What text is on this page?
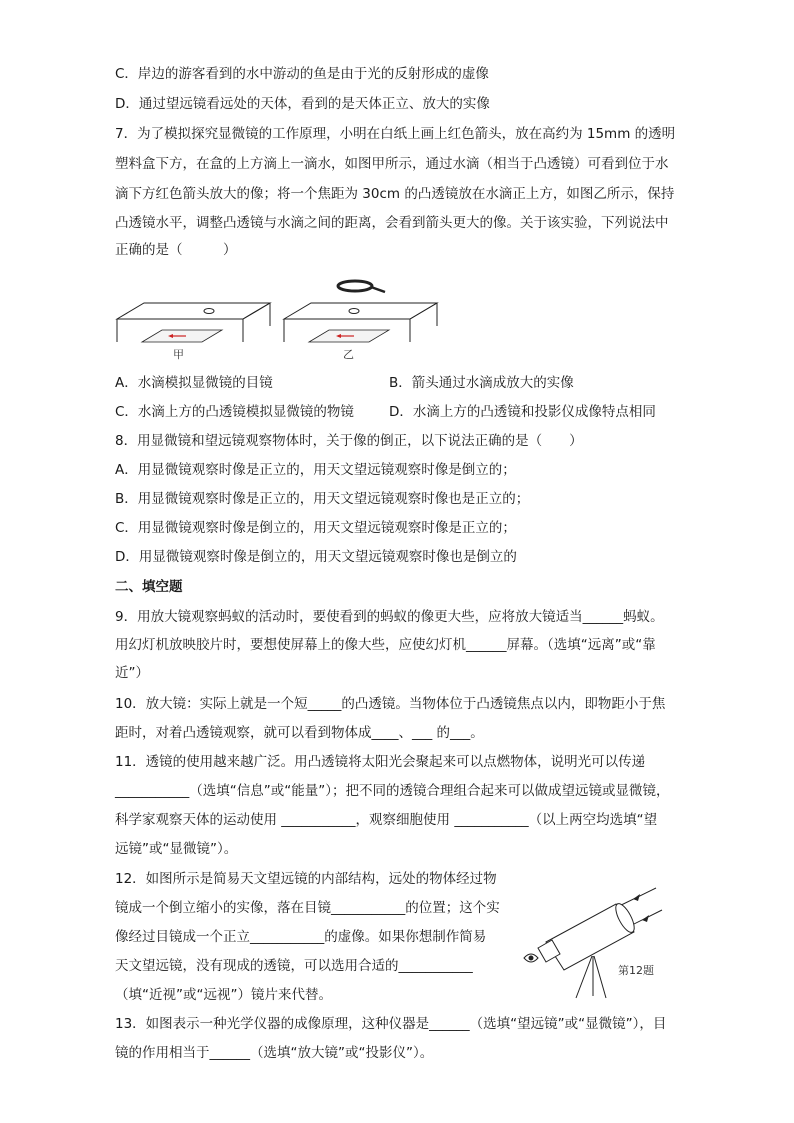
C．岸边的游客看到的水中游动的鱼是由于光的反射形成的虚像
D．通过望远镜看远处的天体，看到的是天体正立、放大的实像
7．为了模拟探究显微镜的工作原理，小明在白纸上画上红色箭头，放在高约为 15mm 的透明
塑料盒下方，在盒的上方滴上一滴水，如图甲所示，通过水滴（相当于凸透镜）可看到位于水
滴下方红色箭头放大的像；将一个焦距为 30cm 的凸透镜放在水滴正上方，如图乙所示，保持
凸透镜水平，调整凸透镜与水滴之间的距离，会看到箭头更大的像。关于该实验，下列说法中
正确的是（　　　）
甲	乙
A．水滴模拟显微镜的目镜	B．箭头通过水滴成放大的实像
C．水滴上方的凸透镜模拟显微镜的物镜	D．水滴上方的凸透镜和投影仪成像特点相同
8．用显微镜和望远镜观察物体时，关于像的倒正，以下说法正确的是（　　）
A．用显微镜观察时像是正立的，用天文望远镜观察时像是倒立的；
B．用显微镜观察时像是正立的，用天文望远镜观察时像也是正立的；
C．用显微镜观察时像是倒立的，用天文望远镜观察时像是正立的；
D．用显微镜观察时像是倒立的，用天文望远镜观察时像也是倒立的
二、填空题
9．用放大镜观察蚂蚁的活动时，要使看到的蚂蚁的像更大些，应将放大镜适当______蚂蚁。
用幻灯机放映胶片时，要想使屏幕上的像大些，应使幻灯机______屏幕。（选填“远离”或“靠
近”）
10．放大镜：实际上就是一个短_____的凸透镜。当物体位于凸透镜焦点以内，即物距小于焦
距时，对着凸透镜观察，就可以看到物体成____、___ 的___。
11．透镜的使用越来越广泛。用凸透镜将太阳光会聚起来可以点燃物体，说明光可以传递
___________（选填“信息”或“能量”）；把不同的透镜合理组合起来可以做成望远镜或显微镜，
科学家观察天体的运动使用 ___________，观察细胞使用 ___________（以上两空均选填“望
远镜”或“显微镜”）。
12．如图所示是简易天文望远镜的内部结构，远处的物体经过物
镜成一个倒立缩小的实像，落在目镜___________的位置；这个实
像经过目镜成一个正立___________的虚像。如果你想制作简易
天文望远镜，没有现成的透镜，可以选用合适的___________
（填“近视”或“远视”）镜片来代替。
第12题
13．如图表示一种光学仪器的成像原理，这种仪器是______（选填“望远镜”或“显微镜”），目
镜的作用相当于______（选填“放大镜”或“投影仪”）。
